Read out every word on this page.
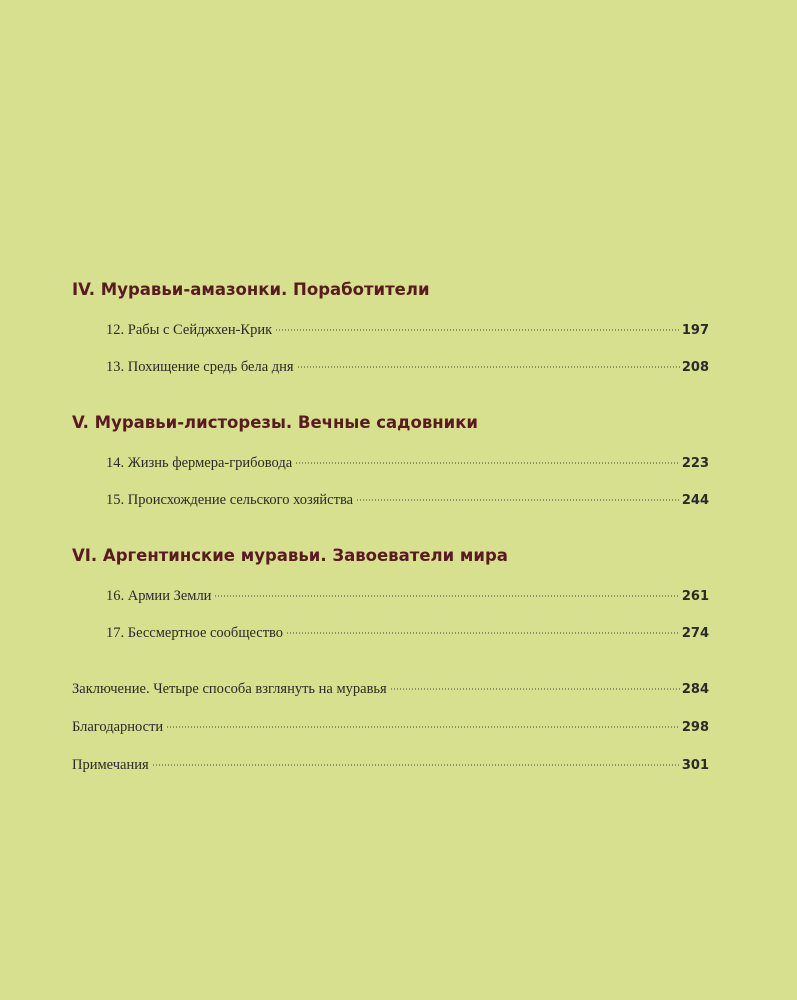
IV. Муравьи-амазонки. Поработители
12. Рабы с Сейджхен-Крик	197
13. Похищение средь бела дня	208
V. Муравьи-листорезы. Вечные садовники
14. Жизнь фермера-грибовода	223
15. Происхождение сельского хозяйства	244
VI. Аргентинские муравьи. Завоеватели мира
16. Армии Земли	261
17. Бессмертное сообщество	274
Заключение. Четыре способа взглянуть на муравья	284
Благодарности	298
Примечания	301
